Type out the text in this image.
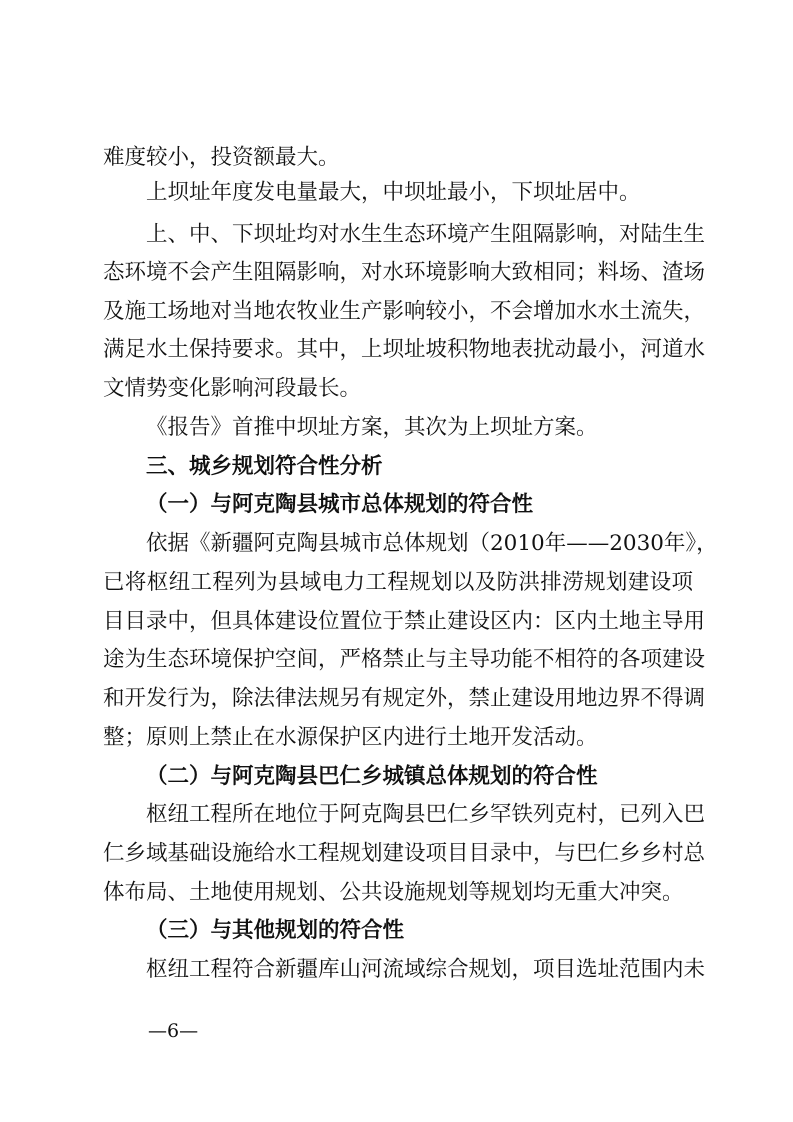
难度较小，投资额最大。
上坝址年度发电量最大，中坝址最小，下坝址居中。
上、中、下坝址均对水生生态环境产生阻隔影响，对陆生生
态环境不会产生阻隔影响，对水环境影响大致相同；料场、渣场
及施工场地对当地农牧业生产影响较小，不会增加水水土流失，
满足水土保持要求。其中，上坝址坡积物地表扰动最小，河道水
文情势变化影响河段最长。
《报告》首推中坝址方案，其次为上坝址方案。
三、城乡规划符合性分析
（一）与阿克陶县城市总体规划的符合性
依据《新疆阿克陶县城市总体规划（2010年——2030年》，
已将枢纽工程列为县域电力工程规划以及防洪排涝规划建设项
目目录中，但具体建设位置位于禁止建设区内：区内土地主导用
途为生态环境保护空间，严格禁止与主导功能不相符的各项建设
和开发行为，除法律法规另有规定外，禁止建设用地边界不得调
整；原则上禁止在水源保护区内进行土地开发活动。
（二）与阿克陶县巴仁乡城镇总体规划的符合性
枢纽工程所在地位于阿克陶县巴仁乡罕铁列克村，已列入巴
仁乡域基础设施给水工程规划建设项目目录中，与巴仁乡乡村总
体布局、土地使用规划、公共设施规划等规划均无重大冲突。
（三）与其他规划的符合性
枢纽工程符合新疆库山河流域综合规划，项目选址范围内未
—6—
